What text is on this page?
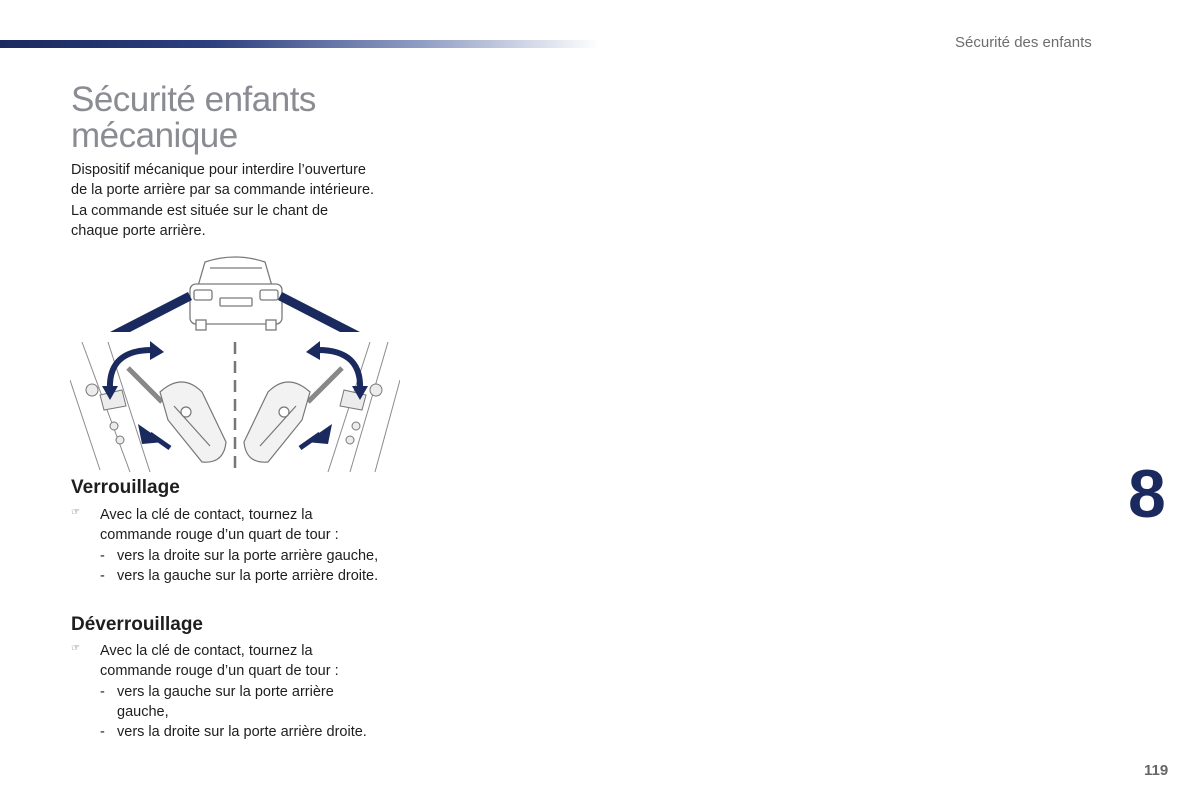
Sécurité des enfants
Sécurité enfants
mécanique
Dispositif mécanique pour interdire l’ouverture
de la porte arrière par sa commande intérieure.
La commande est située sur le chant de
chaque porte arrière.
Verrouillage
☞ Avec la clé de contact, tournez la
commande rouge d’un quart de tour :
- vers la droite sur la porte arrière gauche,
- vers la gauche sur la porte arrière droite.
Déverrouillage
☞ Avec la clé de contact, tournez la
commande rouge d’un quart de tour :
- vers la gauche sur la porte arrière
gauche,
- vers la droite sur la porte arrière droite.
8
119
